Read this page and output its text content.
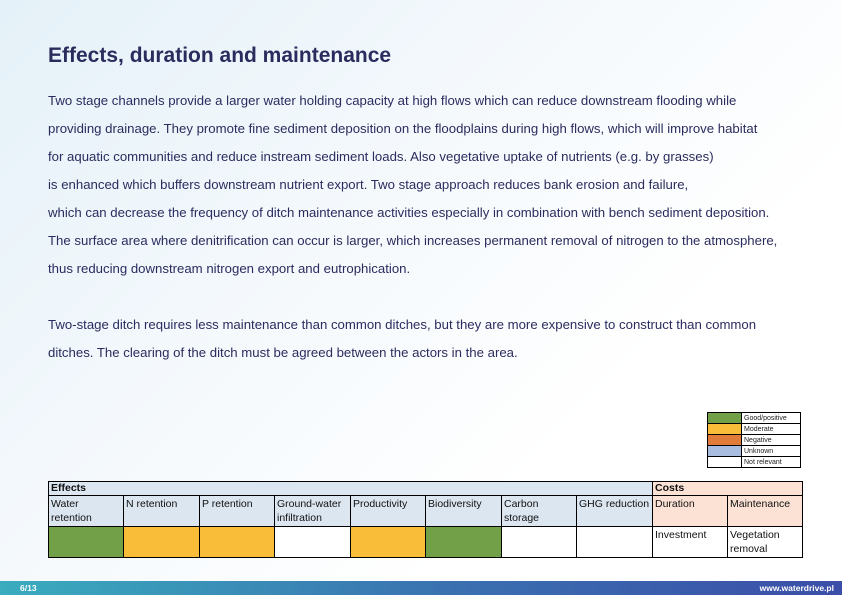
Effects, duration and maintenance
Two stage channels provide a larger water holding capacity at high flows which can reduce downstream flooding while
providing drainage. They promote fine sediment deposition on the floodplains during high flows, which will improve habitat
for aquatic communities and reduce instream sediment loads. Also vegetative uptake of nutrients (e.g. by grasses)
is enhanced which buffers downstream nutrient export. Two stage approach reduces bank erosion and failure,
which can decrease the frequency of ditch maintenance activities especially in combination with bench sediment deposition.
The surface area where denitrification can occur is larger, which increases permanent removal of nitrogen to the atmosphere,
thus reducing downstream nitrogen export and eutrophication.
Two-stage ditch requires less maintenance than common ditches, but they are more expensive to construct than common
ditches. The clearing of the ditch must be agreed between the actors in the area.
	Good/positive
	Moderate
	Negative
	Unknown
	Not relevant
Effects								Costs	
Water retention	N retention	P retention	Ground-water infiltration	Productivity	Biodiversity	Carbon storage	GHG reduction	Duration	Maintenance
								Investment	Vegetation removal
6/13	www.waterdrive.pl
